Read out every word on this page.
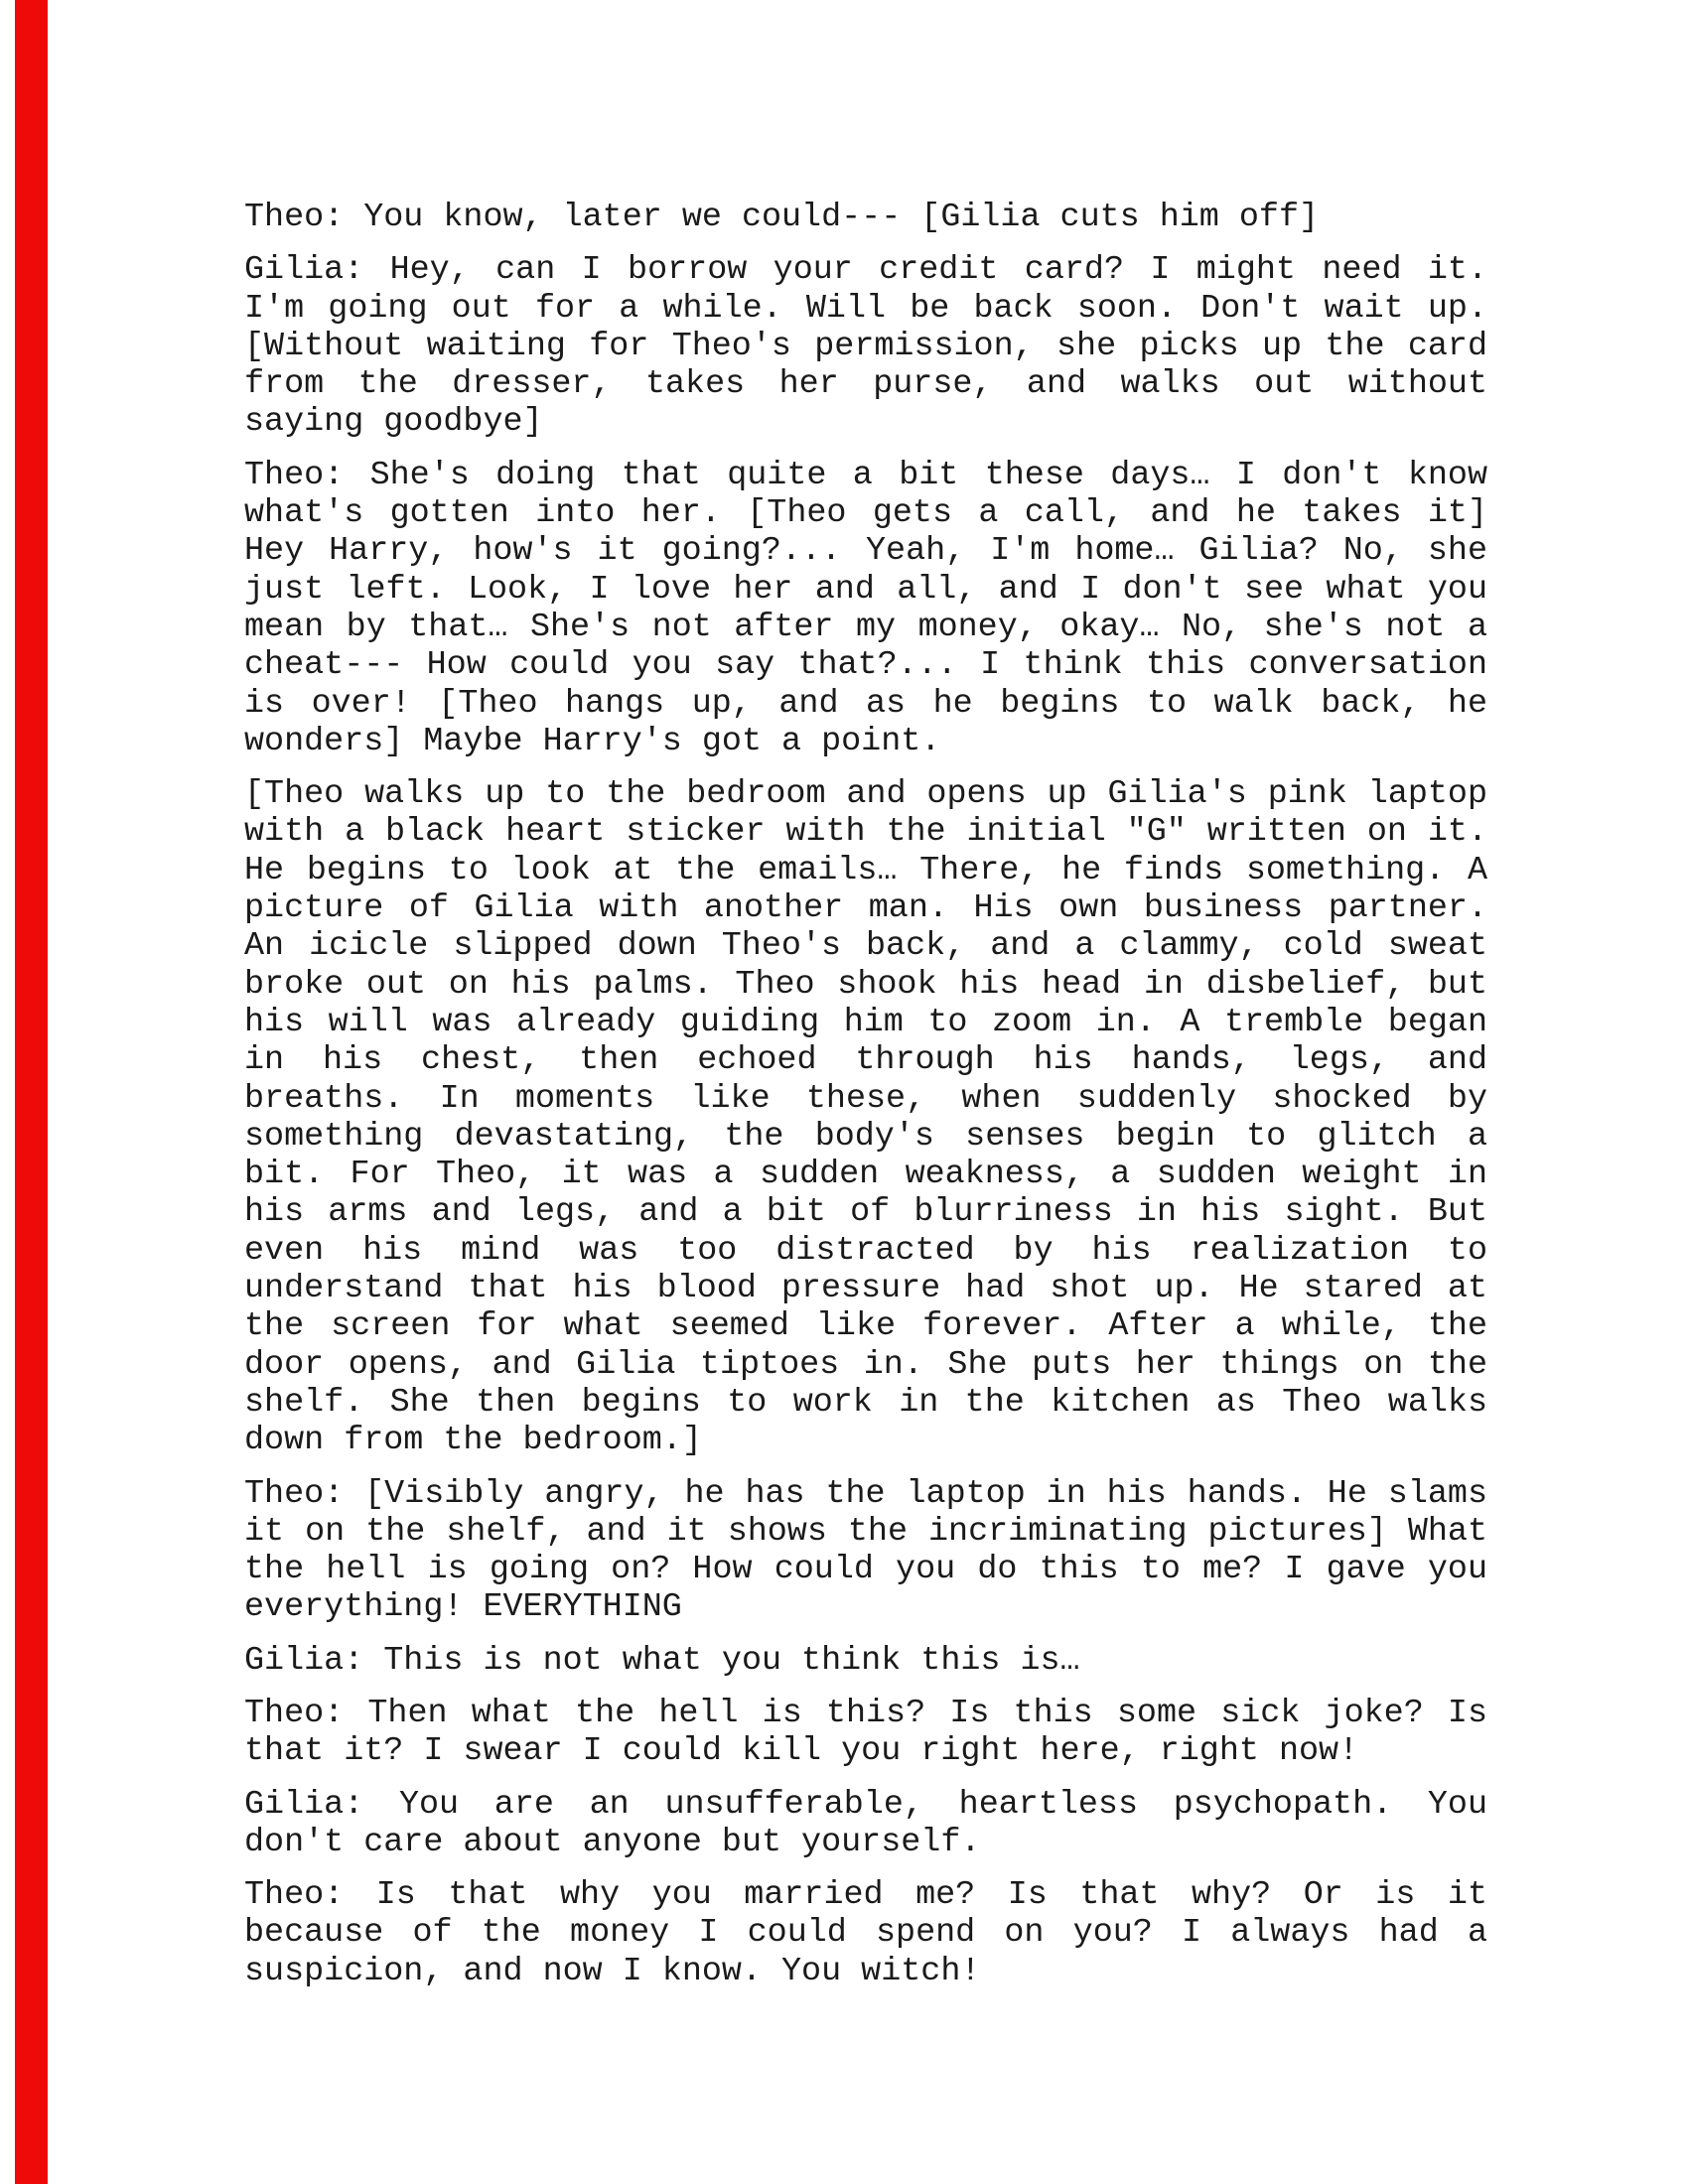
Theo: You know, later we could--- [Gilia cuts him off]
Gilia: Hey, can I borrow your credit card? I might need it.
I'm going out for a while. Will be back soon. Don't wait up.
[Without waiting for Theo's permission, she picks up the card
from the dresser, takes her purse, and walks out without
saying goodbye]
Theo: She's doing that quite a bit these days… I don't know
what's gotten into her. [Theo gets a call, and he takes it]
Hey Harry, how's it going?... Yeah, I'm home… Gilia? No, she
just left. Look, I love her and all, and I don't see what you
mean by that… She's not after my money, okay… No, she's not a
cheat--- How could you say that?... I think this conversation
is over! [Theo hangs up, and as he begins to walk back, he
wonders] Maybe Harry's got a point.
[Theo walks up to the bedroom and opens up Gilia's pink laptop
with a black heart sticker with the initial "G" written on it.
He begins to look at the emails… There, he finds something. A
picture of Gilia with another man. His own business partner.
An icicle slipped down Theo's back, and a clammy, cold sweat
broke out on his palms. Theo shook his head in disbelief, but
his will was already guiding him to zoom in. A tremble began
in his chest, then echoed through his hands, legs, and
breaths. In moments like these, when suddenly shocked by
something devastating, the body's senses begin to glitch a
bit. For Theo, it was a sudden weakness, a sudden weight in
his arms and legs, and a bit of blurriness in his sight. But
even his mind was too distracted by his realization to
understand that his blood pressure had shot up. He stared at
the screen for what seemed like forever. After a while, the
door opens, and Gilia tiptoes in. She puts her things on the
shelf. She then begins to work in the kitchen as Theo walks
down from the bedroom.]
Theo: [Visibly angry, he has the laptop in his hands. He slams
it on the shelf, and it shows the incriminating pictures] What
the hell is going on? How could you do this to me? I gave you
everything! EVERYTHING
Gilia: This is not what you think this is…
Theo: Then what the hell is this? Is this some sick joke? Is
that it? I swear I could kill you right here, right now!
Gilia: You are an unsufferable, heartless psychopath. You
don't care about anyone but yourself.
Theo: Is that why you married me? Is that why? Or is it
because of the money I could spend on you? I always had a
suspicion, and now I know. You witch!
